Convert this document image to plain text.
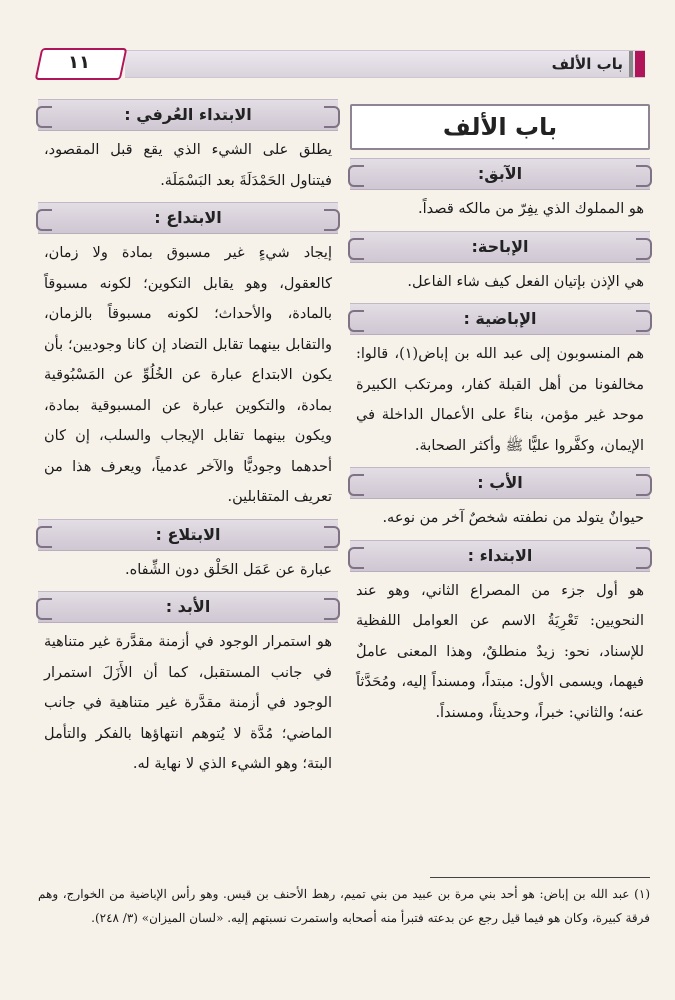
باب الألف
١١
باب الألف
الآبق:

هو المملوك الذي يفِرّ من مالكه قصداً.

الإباحة:

هي الإذن بإتيان الفعل كيف شاء الفاعل.

الإباضية :

هم المنسوبون إلى عبد الله بن إباض(١)، قالوا: مخالفونا من أهل القبلة كفار، ومرتكب الكبيرة موحد غير مؤمن، بناءً على الأعمال الداخلة في الإيمان، وكفَّروا عليًّا ﷺ وأكثر الصحابة.

الأب :

حيوانٌ يتولد من نطفته شخصٌ آخر من نوعه.

الابتداء :

هو أول جزء من المصراع الثاني، وهو عند النحويين: تَعْرِيَةُ الاسم عن العوامل اللفظية للإسناد، نحو: زيدٌ منطلقٌ، وهذا المعنى عاملٌ فيهما، ويسمى الأول: مبتداً، ومسنداً إليه، ومُحَدَّثاً عنه؛ والثاني: خبراً، وحديثاً، ومسنداً.

الابتداء العُرفي :

يطلق على الشيء الذي يقع قبل المقصود، فيتناول الحَمْدَلَةَ بعد البَسْمَلَة.

الابتداع :

إيجاد شيءٍ غير مسبوق بمادة ولا زمان، كالعقول، وهو يقابل التكوين؛ لكونه مسبوقاً بالمادة، والأحداث؛ لكونه مسبوقاً بالزمان، والتقابل بينهما تقابل التضاد إن كانا وجوديين؛ بأن يكون الابتداع عبارة عن الخُلُوِّ عن المَسْبُوقية بمادة، والتكوين عبارة عن المسبوقية بمادة، ويكون بينهما تقابل الإيجاب والسلب، إن كان أحدهما وجوديًّا والآخر عدمياً، ويعرف هذا من تعريف المتقابلين.

الابتلاع :

عبارة عن عَمَل الحَلْق دون الشِّفاه.

الأبد :

هو استمرار الوجود في أزمنة مقدَّرة غير متناهية في جانب المستقبل، كما أن الأَزَلَ استمرار الوجود في أزمنة مقدَّرة غير متناهية في جانب الماضي؛ مُدَّة لا يُتوهم انتهاؤها بالفكر والتأمل البتة؛ وهو الشيء الذي لا نهاية له.

(١) عبد الله بن إباض: هو أحد بني مرة بن عبيد من بني تميم، رهط الأحنف بن قيس. وهو رأس الإباضية من الخوارج، وهم فرقة كبيرة، وكان هو فيما قيل رجع عن بدعته فتبرأ منه أصحابه واستمرت نسبتهم إليه. «لسان الميزان» (٣/ ٢٤٨).
